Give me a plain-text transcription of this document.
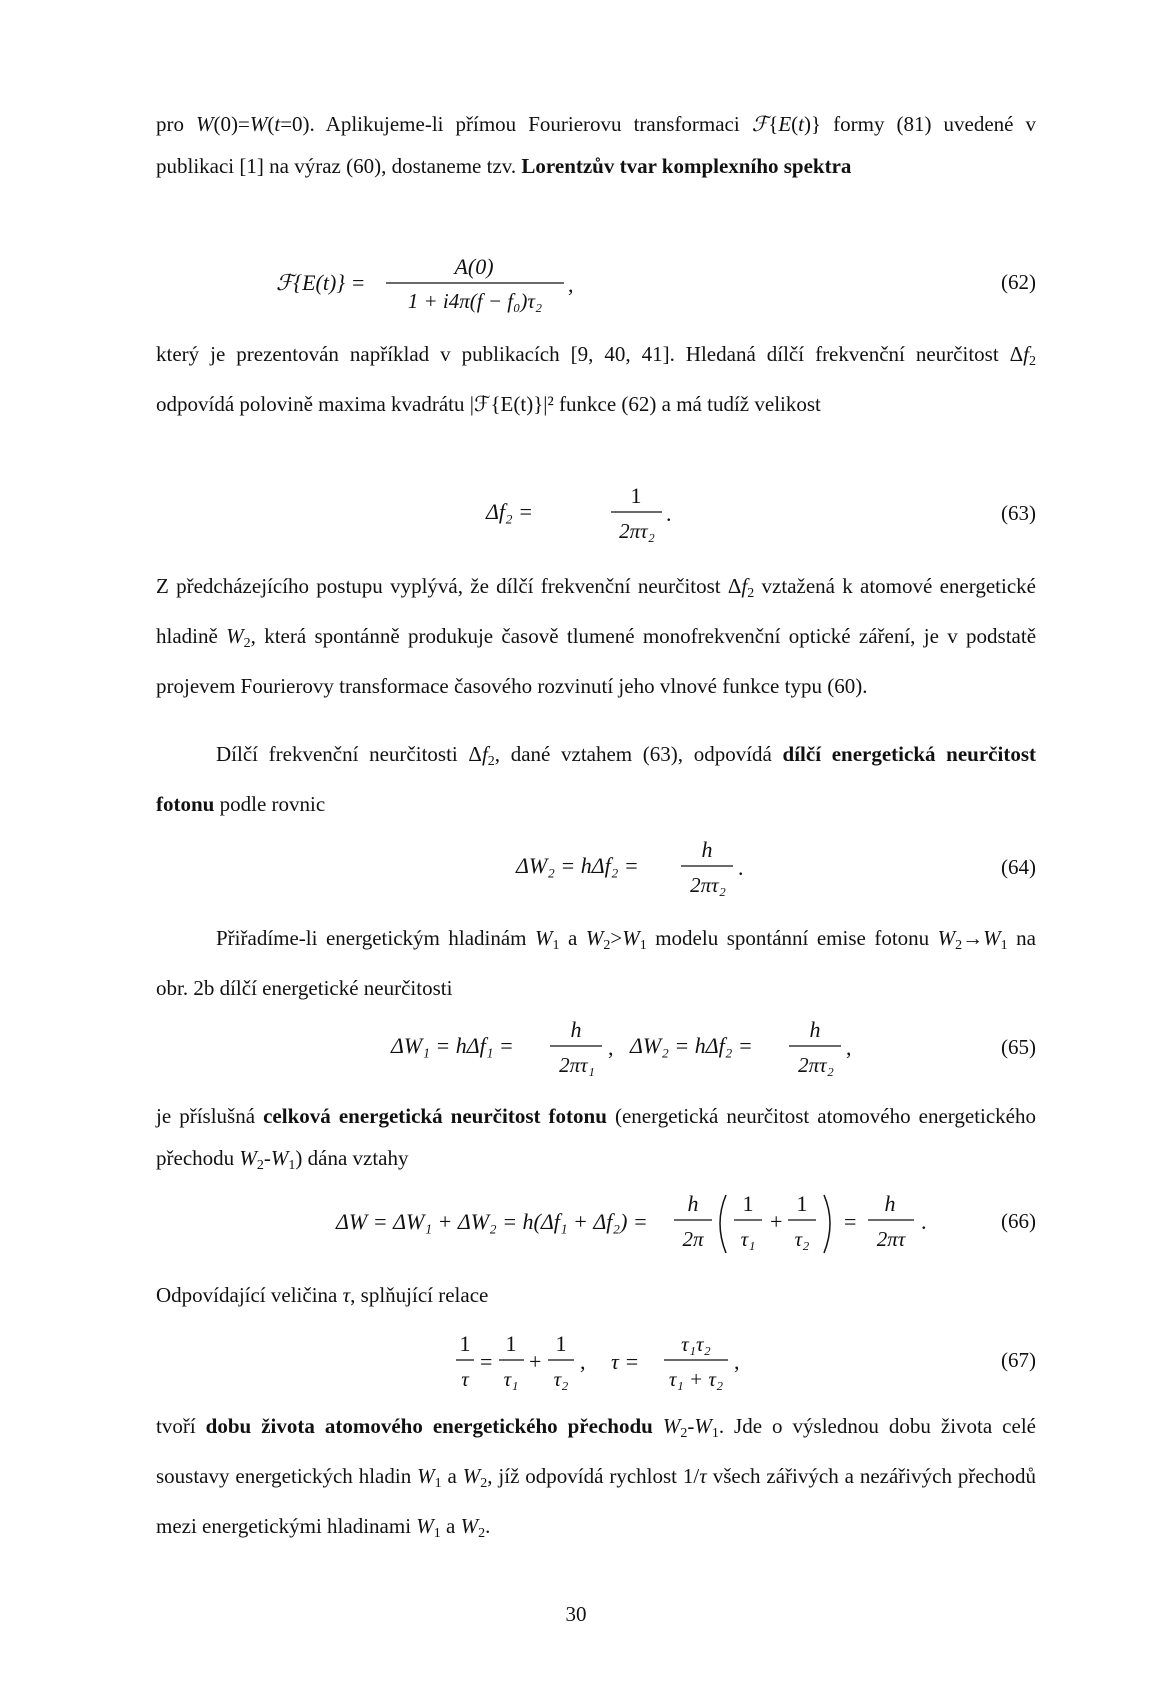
pro W(0)=W(t=0). Aplikujeme-li přímou Fourierovu transformaci ℱ{E(t)} formy (81) uvedené v publikaci [1] na výraz (60), dostaneme tzv. Lorentzův tvar komplexního spektra

ℱ{E(t)} =
A(0)
1 + i4π(f − f₀)τ₂
,	(62)

který je prezentován například v publikacích [9, 40, 41]. Hledaná dílčí frekvenční neurčitost $\Delta f_2$ odpovídá polovině maxima kvadrátu |ℱ{E(t)}|² funkce (62) a má tudíž velikost

Δf₂ =
1
2πτ₂
.	(63)

Z předcházejícího postupu vyplývá, že dílčí frekvenční neurčitost $\Delta f_2$ vztažená k atomové energetické hladině $W_2$, která spontánně produkuje časově tlumené monofrekvenční optické záření, je v podstatě projevem Fourierovy transformace časového rozvinutí jeho vlnové funkce typu (60).

Dílčí frekvenční neurčitosti $\Delta f_2$, dané vztahem (63), odpovídá dílčí energetická neurčitost fotonu podle rovnic

ΔW₂ = hΔf₂ =
h
2πτ₂
.	(64)

Přiřadíme-li energetickým hladinám $W_1$ a $W_2>W_1$ modelu spontánní emise fotonu $W_2\to W_1$ na obr. 2b dílčí energetické neurčitosti

ΔW₁ = hΔf₁ =
h
2πτ₁
, ΔW₂ = hΔf₂ =
h
2πτ₂
,	(65)

je příslušná celková energetická neurčitost fotonu (energetická neurčitost atomového energetického přechodu $W_2-W_1$) dána vztahy

ΔW = ΔW₁ + ΔW₂ = h(Δf₁ + Δf₂) =
h
2π
1
τ₁
+
1
τ₂
=
h
2πτ
.	(66)

Odpovídající veličina τ, splňující relace

1
τ
=
1
τ₁
+
1
τ₂
, τ =
τ₁τ₂
τ₁ + τ₂
,	(67)

tvoří dobu života atomového energetického přechodu $W_2-W_1$. Jde o výslednou dobu života celé soustavy energetických hladin $W_1$ a $W_2$, jíž odpovídá rychlost 1/τ všech zářivých a nezářivých přechodů mezi energetickými hladinami $W_1$ a $W_2$.

30
